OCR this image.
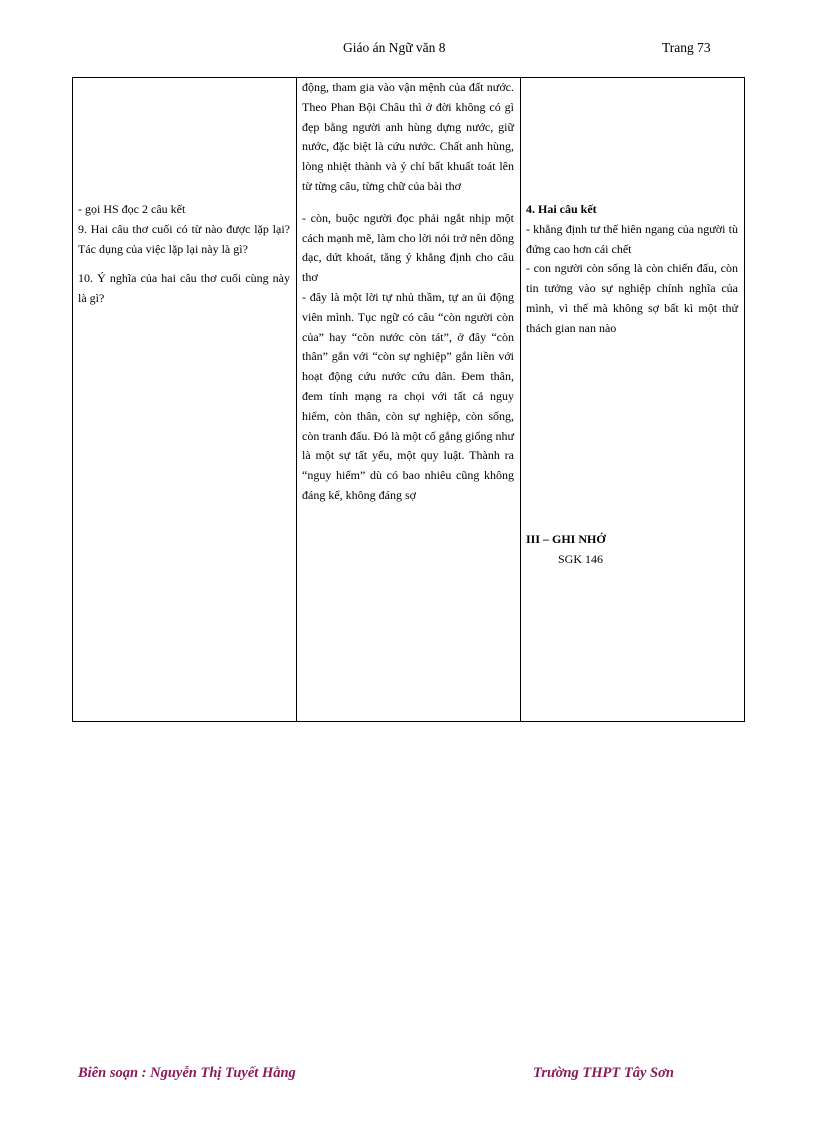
Giáo án Ngữ văn 8	Trang 73

- gọi HS đọc 2 câu kết

9. Hai câu thơ cuối có từ nào được lặp lại? Tác dụng của việc lặp lại này là gì?

10. Ý nghĩa của hai câu thơ cuối cùng này là gì?

động, tham gia vào vận mệnh của đất nước. Theo Phan Bội Châu thì ở đời không có gì đẹp bằng người anh hùng dựng nước, giữ nước, đặc biệt là cứu nước. Chất anh hùng, lòng nhiệt thành và ý chí bất khuất toát lên từ từng câu, từng chữ của bài thơ

- còn, buộc người đọc phải ngắt nhịp một cách mạnh mẽ, làm cho lời nói trở nên dõng dạc, dứt khoát, tăng ý khẳng định cho câu thơ

- đây là một lời tự nhủ thầm, tự an ủi động viên mình. Tục ngữ có câu “còn người còn của” hay “còn nước còn tát”, ở đây “còn thân” gắn với “còn sự nghiệp” gắn liền với hoạt động cứu nước cứu dân. Đem thân, đem tính mạng ra chọi với tất cả nguy hiểm, còn thân, còn sự nghiệp, còn sống, còn tranh đấu. Đó là một cố gắng giống như là một sự tất yếu, một quy luật. Thành ra “nguy hiểm” dù có bao nhiêu cũng không đáng kể, không đáng sợ

4. Hai câu kết

- khẳng định tư thế hiên ngang của người tù đứng cao hơn cái chết

- con người còn sống là còn chiến đấu, còn tin tưởng vào sự nghiệp chính nghĩa của mình, vì thế mà không sợ bất kì một thử thách gian nan nào

III – GHI NHỚ

SGK 146

Biên soạn : Nguyễn Thị Tuyết Hằng	Trường THPT Tây Sơn
